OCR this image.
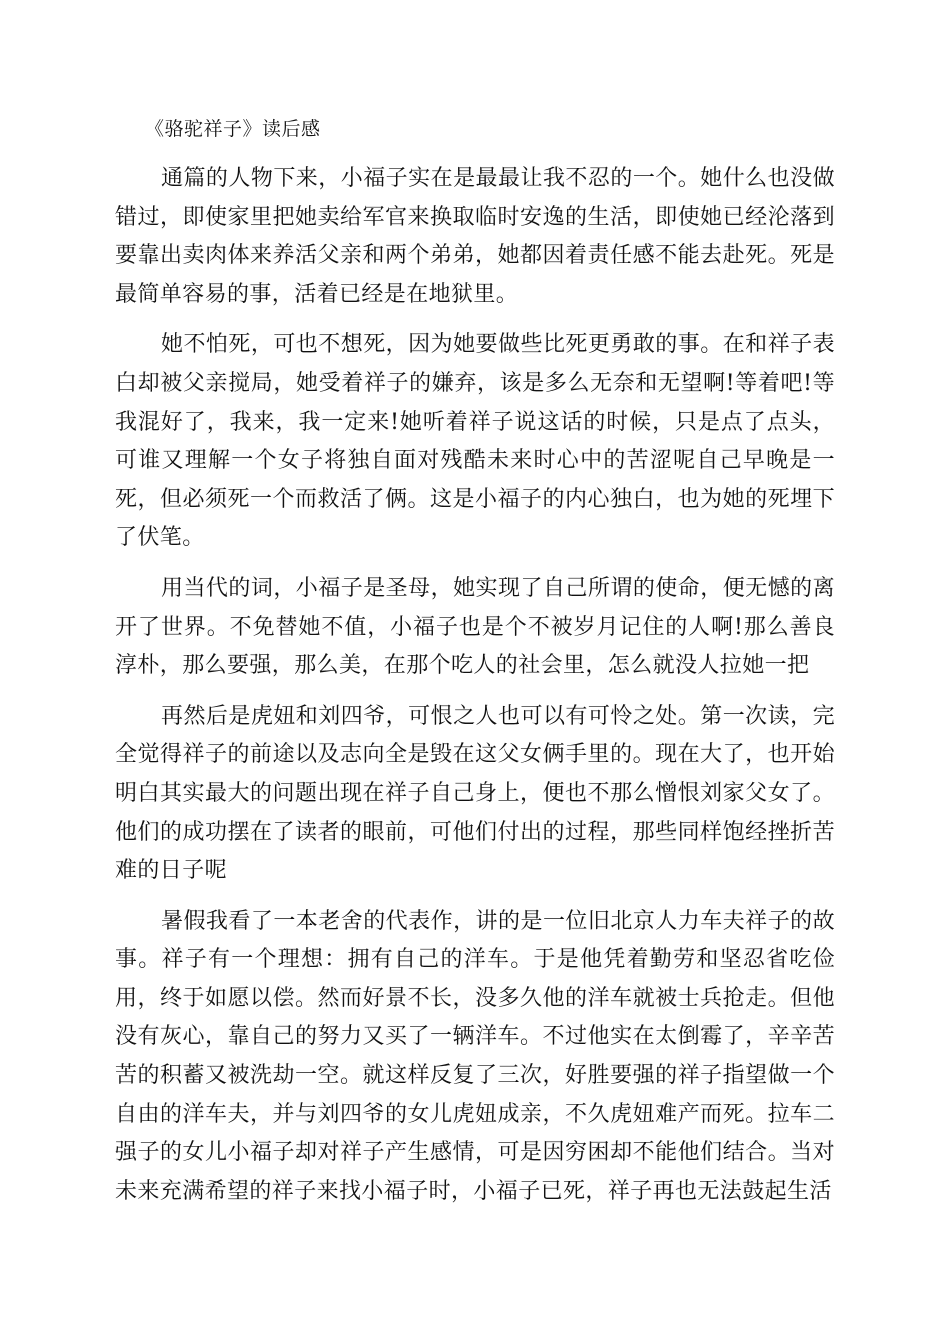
《骆驼祥子》读后感

通篇的人物下来，小福子实在是最最让我不忍的一个。她什么也没做错过，即使家里把她卖给军官来换取临时安逸的生活，即使她已经沦落到要靠出卖肉体来养活父亲和两个弟弟，她都因着责任感不能去赴死。死是最简单容易的事，活着已经是在地狱里。

她不怕死，可也不想死，因为她要做些比死更勇敢的事。在和祥子表白却被父亲搅局，她受着祥子的嫌弃，该是多么无奈和无望啊!等着吧!等我混好了，我来，我一定来!她听着祥子说这话的时候，只是点了点头，可谁又理解一个女子将独自面对残酷未来时心中的苦涩呢自己早晚是一死，但必须死一个而救活了俩。这是小福子的内心独白，也为她的死埋下了伏笔。

用当代的词，小福子是圣母，她实现了自己所谓的使命，便无憾的离开了世界。不免替她不值，小福子也是个不被岁月记住的人啊!那么善良淳朴，那么要强，那么美，在那个吃人的社会里，怎么就没人拉她一把

再然后是虎妞和刘四爷，可恨之人也可以有可怜之处。第一次读，完全觉得祥子的前途以及志向全是毁在这父女俩手里的。现在大了，也开始明白其实最大的问题出现在祥子自己身上，便也不那么憎恨刘家父女了。他们的成功摆在了读者的眼前，可他们付出的过程，那些同样饱经挫折苦难的日子呢

暑假我看了一本老舍的代表作，讲的是一位旧北京人力车夫祥子的故事。祥子有一个理想：拥有自己的洋车。于是他凭着勤劳和坚忍省吃俭用，终于如愿以偿。然而好景不长，没多久他的洋车就被士兵抢走。但他没有灰心，靠自己的努力又买了一辆洋车。不过他实在太倒霉了，辛辛苦苦的积蓄又被洗劫一空。就这样反复了三次，好胜要强的祥子指望做一个自由的洋车夫，并与刘四爷的女儿虎妞成亲，不久虎妞难产而死。拉车二强子的女儿小福子却对祥子产生感情，可是因穷困却不能他们结合。当对未来充满希望的祥子来找小福子时，小福子已死，祥子再也无法鼓起生活
